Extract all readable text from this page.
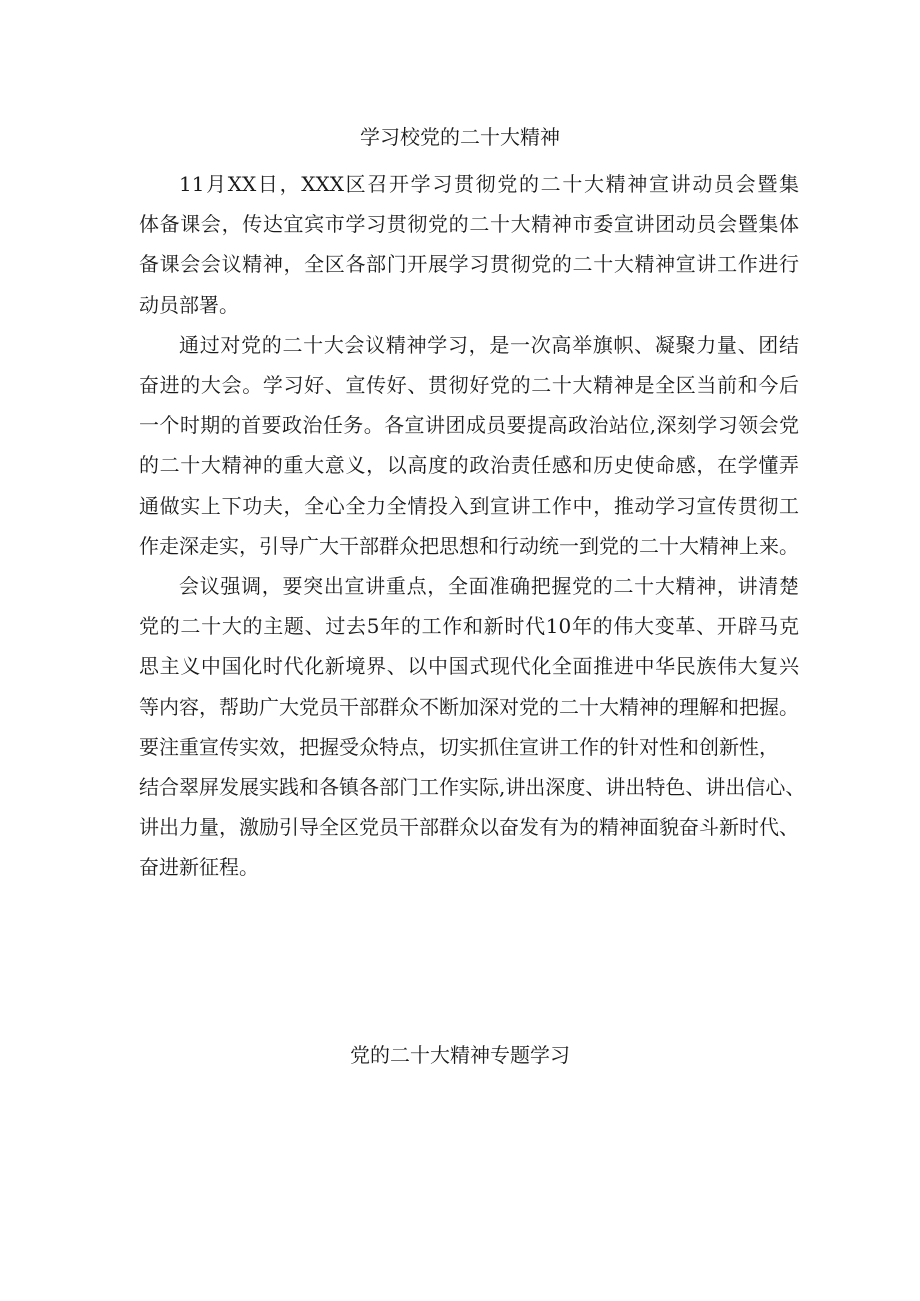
学习校党的二十大精神
11月XX日，XXX区召开学习贯彻党的二十大精神宣讲动员会暨集
体备课会，传达宜宾市学习贯彻党的二十大精神市委宣讲团动员会暨集体
备课会会议精神，全区各部门开展学习贯彻党的二十大精神宣讲工作进行
动员部署。
通过对党的二十大会议精神学习，是一次高举旗帜、凝聚力量、团结
奋进的大会。学习好、宣传好、贯彻好党的二十大精神是全区当前和今后
一个时期的首要政治任务。各宣讲团成员要提高政治站位,深刻学习领会党
的二十大精神的重大意义，以高度的政治责任感和历史使命感，在学懂弄
通做实上下功夫，全心全力全情投入到宣讲工作中，推动学习宣传贯彻工
作走深走实，引导广大干部群众把思想和行动统一到党的二十大精神上来。
会议强调，要突出宣讲重点，全面准确把握党的二十大精神，讲清楚
党的二十大的主题、过去5年的工作和新时代10年的伟大变革、开辟马克
思主义中国化时代化新境界、以中国式现代化全面推进中华民族伟大复兴
等内容，帮助广大党员干部群众不断加深对党的二十大精神的理解和把握。
要注重宣传实效，把握受众特点，切实抓住宣讲工作的针对性和创新性，
结合翠屏发展实践和各镇各部门工作实际,讲出深度、讲出特色、讲出信心、
讲出力量，激励引导全区党员干部群众以奋发有为的精神面貌奋斗新时代、
奋进新征程。
党的二十大精神专题学习
